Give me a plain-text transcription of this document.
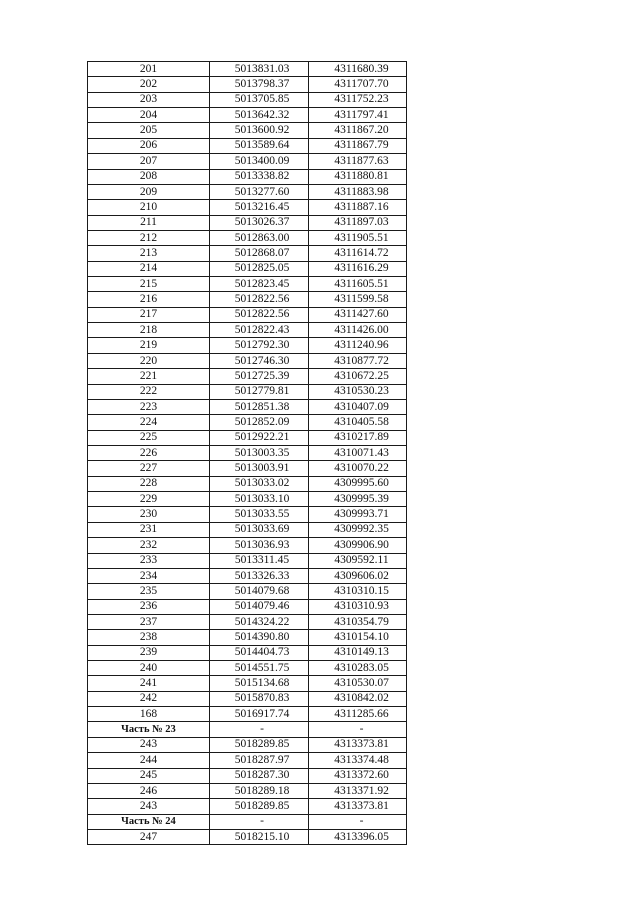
201	5013831.03	4311680.39
202	5013798.37	4311707.70
203	5013705.85	4311752.23
204	5013642.32	4311797.41
205	5013600.92	4311867.20
206	5013589.64	4311867.79
207	5013400.09	4311877.63
208	5013338.82	4311880.81
209	5013277.60	4311883.98
210	5013216.45	4311887.16
211	5013026.37	4311897.03
212	5012863.00	4311905.51
213	5012868.07	4311614.72
214	5012825.05	4311616.29
215	5012823.45	4311605.51
216	5012822.56	4311599.58
217	5012822.56	4311427.60
218	5012822.43	4311426.00
219	5012792.30	4311240.96
220	5012746.30	4310877.72
221	5012725.39	4310672.25
222	5012779.81	4310530.23
223	5012851.38	4310407.09
224	5012852.09	4310405.58
225	5012922.21	4310217.89
226	5013003.35	4310071.43
227	5013003.91	4310070.22
228	5013033.02	4309995.60
229	5013033.10	4309995.39
230	5013033.55	4309993.71
231	5013033.69	4309992.35
232	5013036.93	4309906.90
233	5013311.45	4309592.11
234	5013326.33	4309606.02
235	5014079.68	4310310.15
236	5014079.46	4310310.93
237	5014324.22	4310354.79
238	5014390.80	4310154.10
239	5014404.73	4310149.13
240	5014551.75	4310283.05
241	5015134.68	4310530.07
242	5015870.83	4310842.02
168	5016917.74	4311285.66
Часть № 23	-	-
243	5018289.85	4313373.81
244	5018287.97	4313374.48
245	5018287.30	4313372.60
246	5018289.18	4313371.92
243	5018289.85	4313373.81
Часть № 24	-	-
247	5018215.10	4313396.05
